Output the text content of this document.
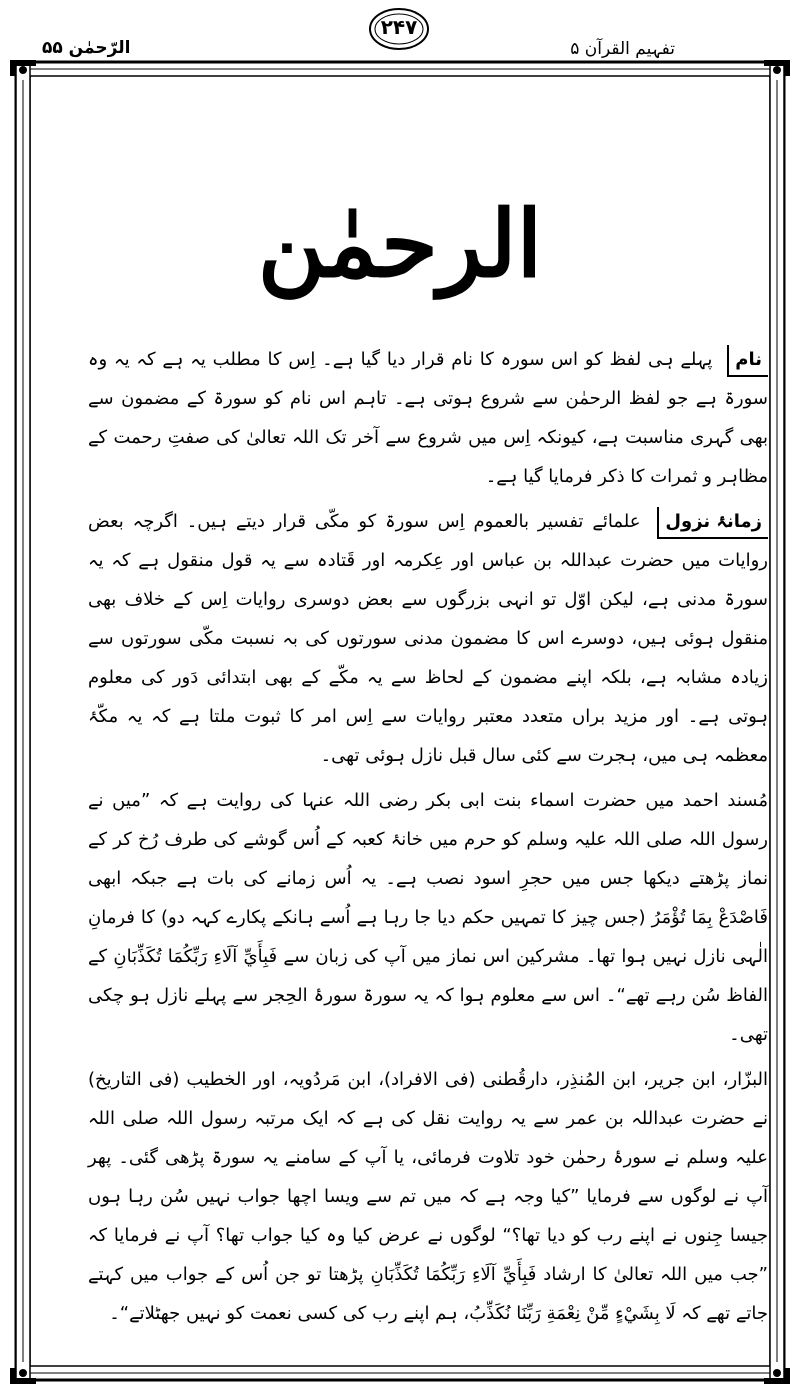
۲۴۷
الرّحمٰن ۵۵	تفہیم القرآن ۵
الرحمٰن

نام پہلے ہی لفظ کو اس سورہ کا نام قرار دیا گیا ہے۔ اِس کا مطلب یہ ہے کہ یہ وہ سورۃ ہے جو لفظ الرحمٰن سے شروع ہوتی ہے۔ تاہم اس نام کو سورۃ کے مضمون سے بھی گہری مناسبت ہے، کیونکہ اِس میں شروع سے آخر تک اللہ تعالیٰ کی صفتِ رحمت کے مظاہر و ثمرات کا ذکر فرمایا گیا ہے۔

زمانۂ نزول علمائے تفسیر بالعموم اِس سورۃ کو مکّی قرار دیتے ہیں۔ اگرچہ بعض روایات میں حضرت عبداللہ بن عباس اور عِکرمہ اور قَتادہ سے یہ قول منقول ہے کہ یہ سورۃ مدنی ہے، لیکن اوّل تو انہی بزرگوں سے بعض دوسری روایات اِس کے خلاف بھی منقول ہوئی ہیں، دوسرے اس کا مضمون مدنی سورتوں کی بہ نسبت مکّی سورتوں سے زیادہ مشابہ ہے، بلکہ اپنے مضمون کے لحاظ سے یہ مکّے کے بھی ابتدائی دَور کی معلوم ہوتی ہے۔ اور مزید براں متعدد معتبر روایات سے اِس امر کا ثبوت ملتا ہے کہ یہ مکّۂ معظمہ ہی میں، ہجرت سے کئی سال قبل نازل ہوئی تھی۔

مُسند احمد میں حضرت اسماء بنت ابی بکر رضی اللہ عنہا کی روایت ہے کہ ”میں نے رسول اللہ صلی اللہ علیہ وسلم کو حرم میں خانۂ کعبہ کے اُس گوشے کی طرف رُخ کر کے نماز پڑھتے دیکھا جس میں حجرِ اسود نصب ہے۔ یہ اُس زمانے کی بات ہے جبکہ ابھی فَاصْدَعْ بِمَا تُؤْمَرُ (جس چیز کا تمہیں حکم دیا جا رہا ہے اُسے ہانکے پکارے کہہ دو) کا فرمانِ الٰہی نازل نہیں ہوا تھا۔ مشرکین اس نماز میں آپ کی زبان سے فَبِأَيِّ آلَاءِ رَبِّكُمَا تُكَذِّبَانِ کے الفاظ سُن رہے تھے“۔ اس سے معلوم ہوا کہ یہ سورۃ سورۂ الحِجر سے پہلے نازل ہو چکی تھی۔

البزّار، ابن جریر، ابن المُنذِر، دارقُطنی (فی الافراد)، ابن مَردُویہ، اور الخطیب (فی التاریخ) نے حضرت عبداللہ بن عمر سے یہ روایت نقل کی ہے کہ ایک مرتبہ رسول اللہ صلی اللہ علیہ وسلم نے سورۂ رحمٰن خود تلاوت فرمائی، یا آپ کے سامنے یہ سورۃ پڑھی گئی۔ پھر آپ نے لوگوں سے فرمایا ”کیا وجہ ہے کہ میں تم سے ویسا اچھا جواب نہیں سُن رہا ہوں جیسا جِنوں نے اپنے رب کو دیا تھا؟“ لوگوں نے عرض کیا وہ کیا جواب تھا؟ آپ نے فرمایا کہ ”جب میں اللہ تعالیٰ کا ارشاد فَبِأَيِّ آلَاءِ رَبِّكُمَا تُكَذِّبَانِ پڑھتا تو جن اُس کے جواب میں کہتے جاتے تھے کہ لَا بِشَيْءٍ مِّنْ نِعْمَةِ رَبِّنَا نُكَذِّبُ، ہم اپنے رب کی کسی نعمت کو نہیں جھٹلاتے“۔
